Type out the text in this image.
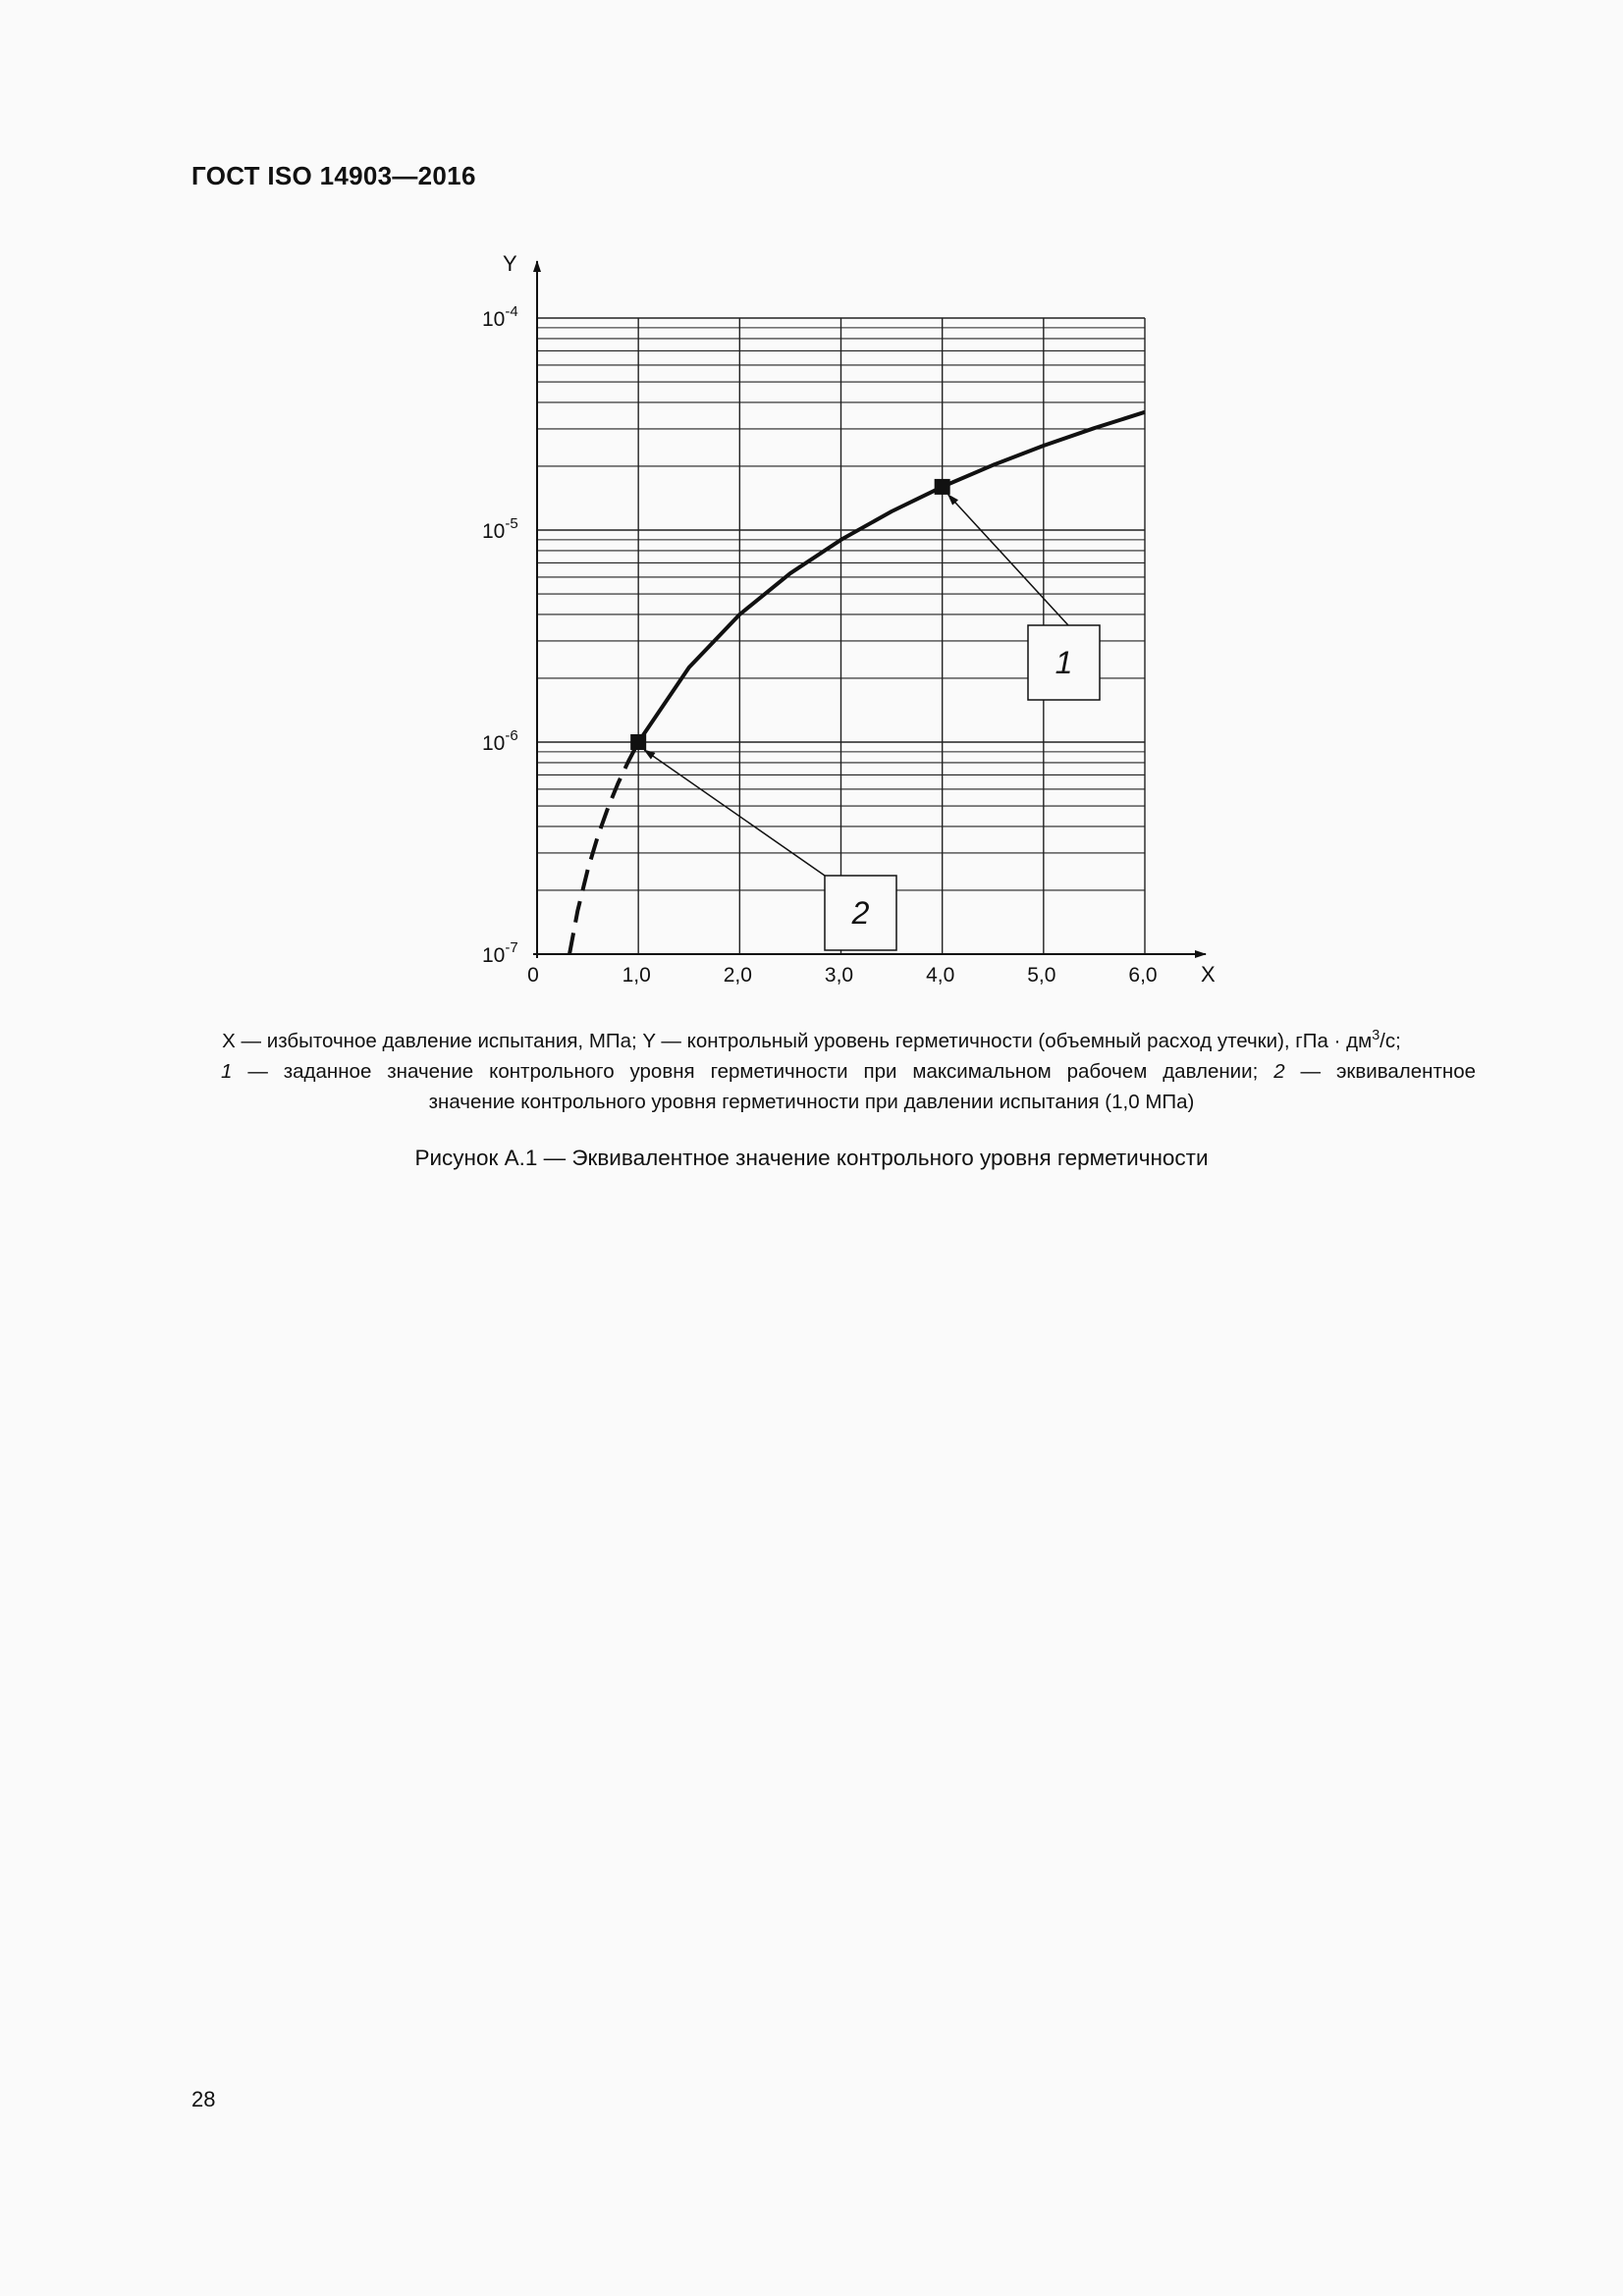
ГОСТ ISO 14903—2016
1
2
Y
X
0	1,0	2,0	3,0	4,0	5,0	6,0
$10^{-4}$
$10^{-5}$
$10^{-6}$
$10^{-7}$
X — избыточное давление испытания, МПа; Y — контрольный уровень герметичности (объемный расход утечки), гПа · $дм^3/с$;
1 — заданное значение контрольного уровня герметичности при максимальном рабочем давлении; 2 — эквивалентное
значение контрольного уровня герметичности при давлении испытания (1,0 МПа)
Рисунок А.1 — Эквивалентное значение контрольного уровня герметичности
28
